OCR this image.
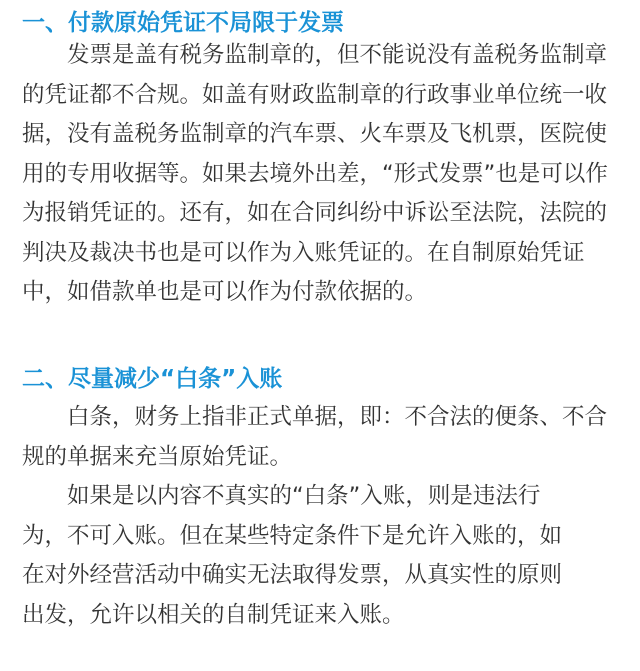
一、付款原始凭证不局限于发票

发票是盖有税务监制章的，但不能说没有盖税务监制章的凭证都不合规。如盖有财政监制章的行政事业单位统一收据，没有盖税务监制章的汽车票、火车票及飞机票，医院使用的专用收据等。如果去境外出差，“形式发票”也是可以作为报销凭证的。还有，如在合同纠纷中诉讼至法院，法院的判决及裁决书也是可以作为入账凭证的。在自制原始凭证中，如借款单也是可以作为付款依据的。

二、尽量减少“白条”入账

白条，财务上指非正式单据，即：不合法的便条、不合规的单据来充当原始凭证。

如果是以内容不真实的“白条”入账，则是违法行为，不可入账。但在某些特定条件下是允许入账的，如在对外经营活动中确实无法取得发票，从真实性的原则出发，允许以相关的自制凭证来入账。
